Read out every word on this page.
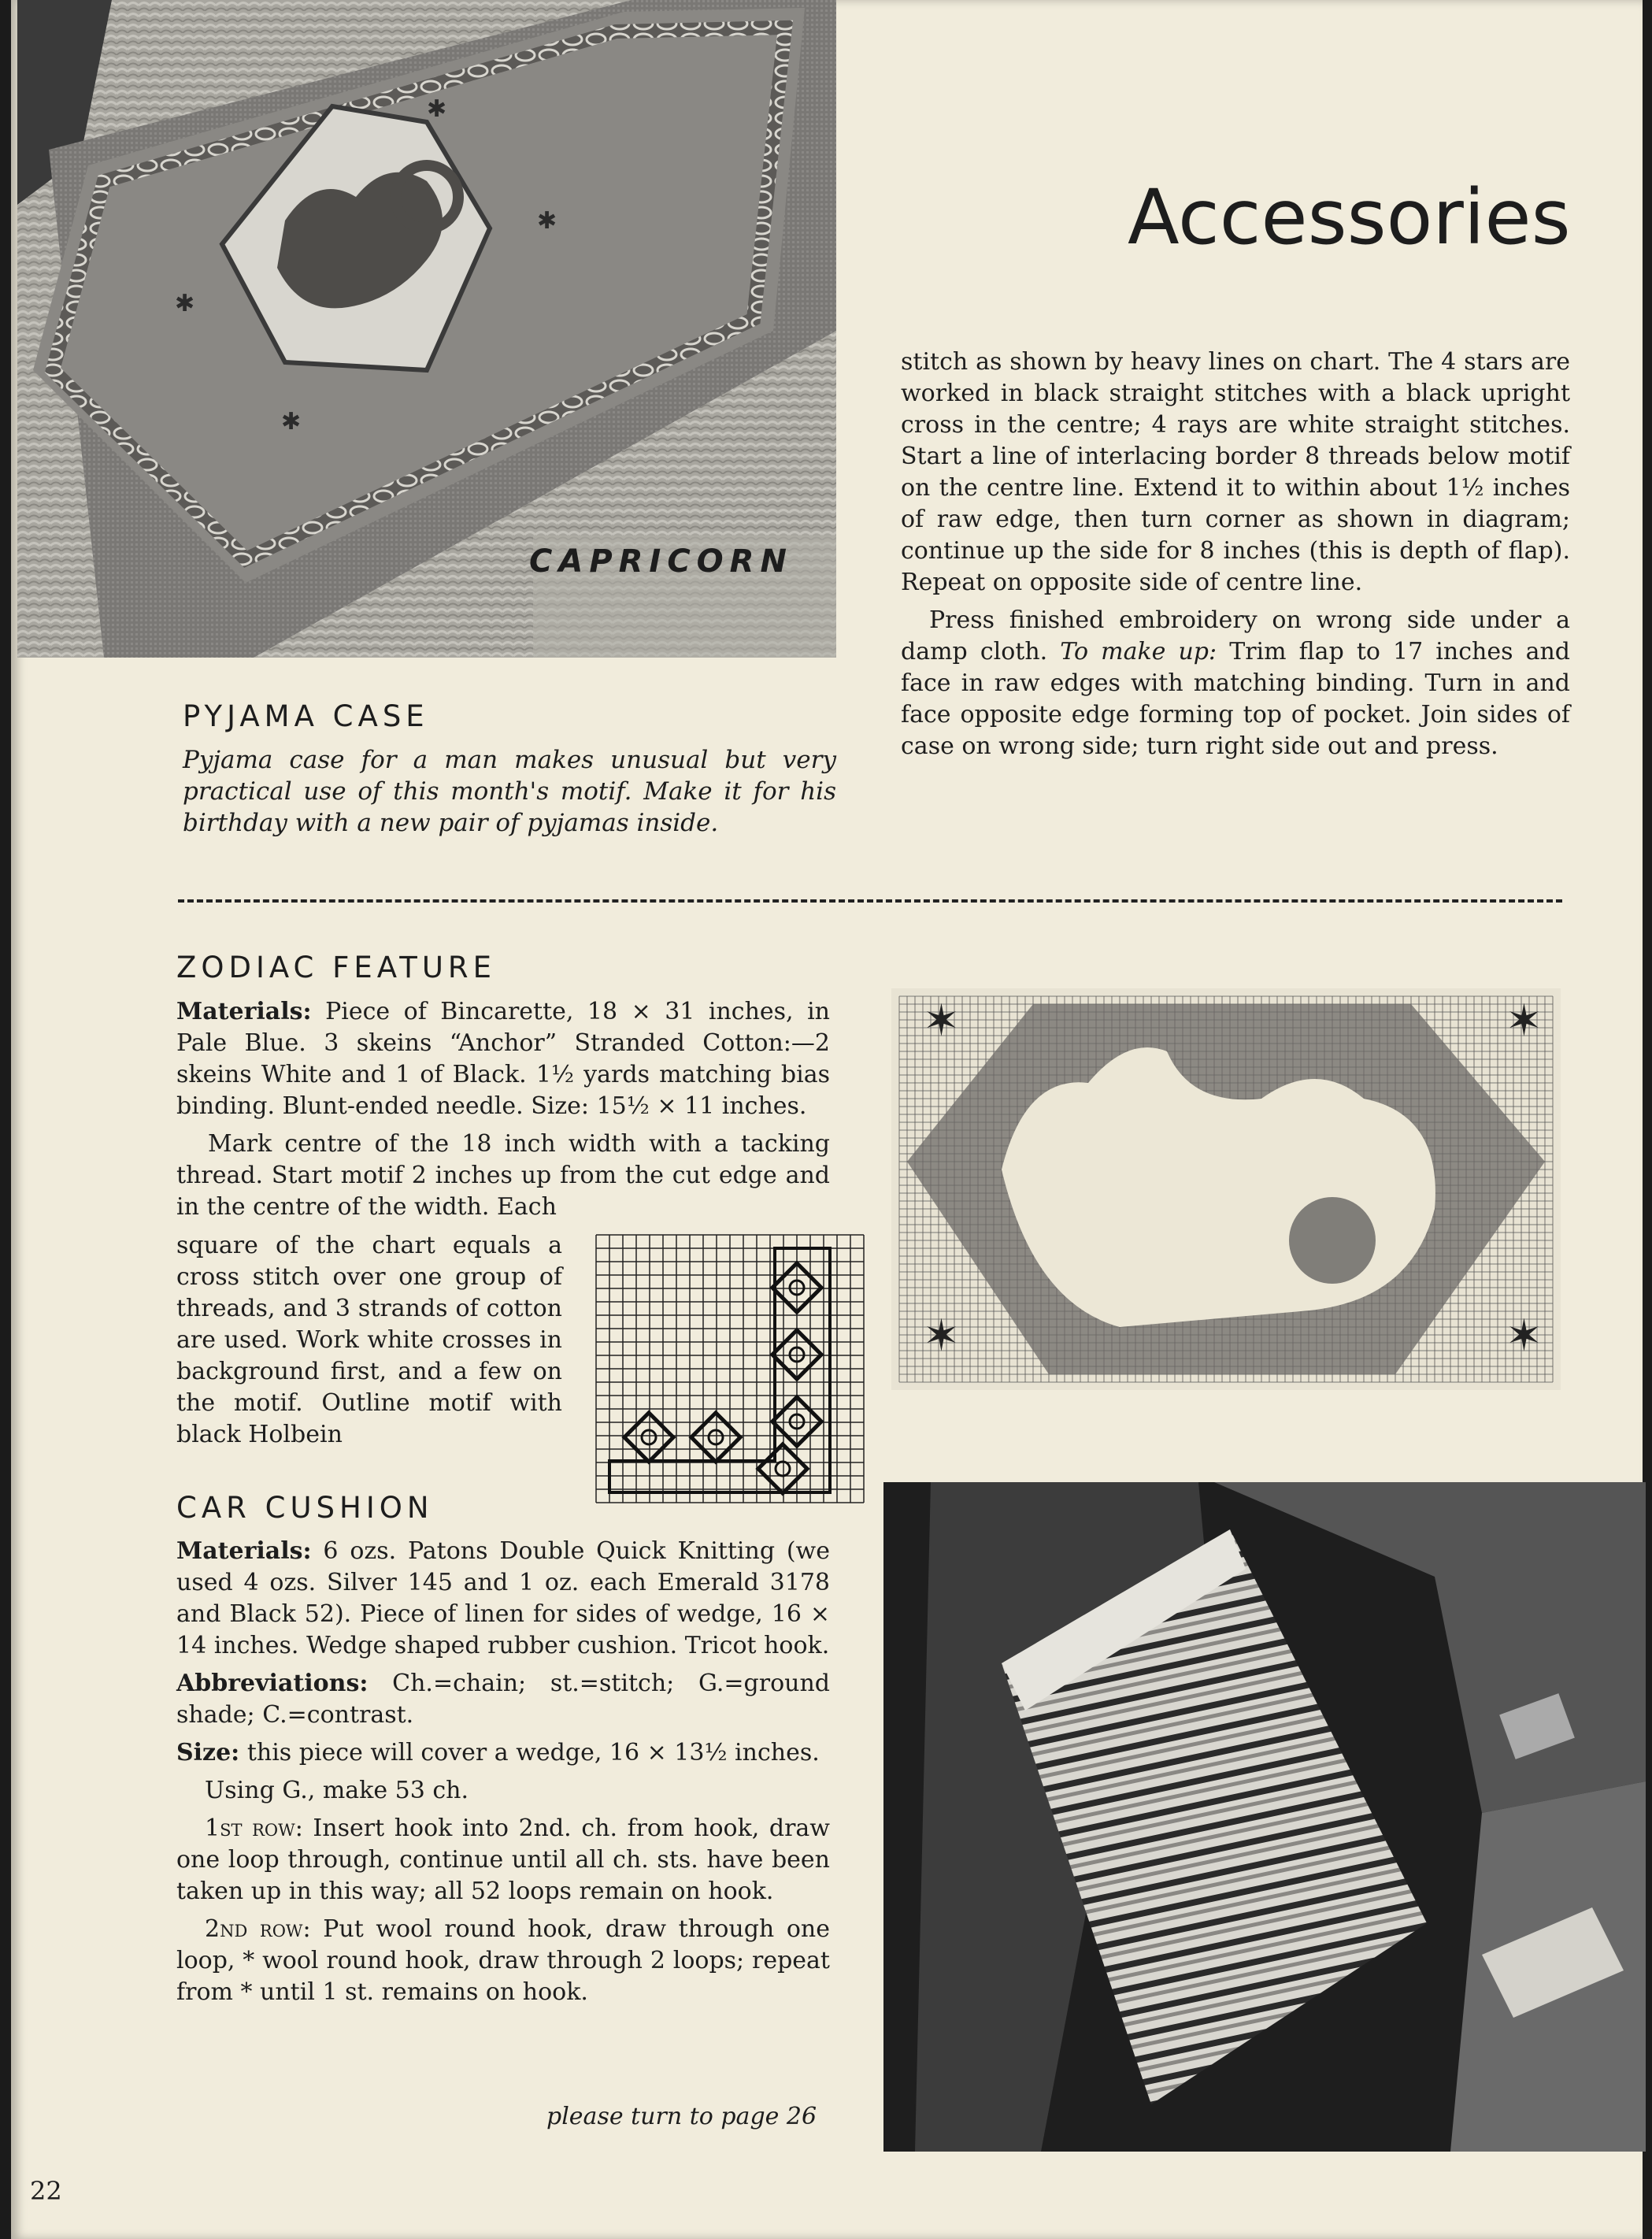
✱
✱
✱
✱
CAPRICORN
Accessories
PYJAMA CASE
Pyjama case for a man makes unusual but very practical use of this month's motif. Make it for his birthday with a new pair of pyjamas inside.

stitch as shown by heavy lines on chart. The 4 stars are worked in black straight stitches with a black upright cross in the centre; 4 rays are white straight stitches. Start a line of interlacing border 8 threads below motif on the centre line. Extend it to within about 1½ inches of raw edge, then turn corner as shown in diagram; continue up the side for 8 inches (this is depth of flap). Repeat on opposite side of centre line.

Press finished embroidery on wrong side under a damp cloth. To make up: Trim flap to 17 inches and face in raw edges with matching binding. Turn in and face opposite edge forming top of pocket. Join sides of case on wrong side; turn right side out and press.

ZODIAC FEATURE

Materials: Piece of Bincarette, 18 × 31 inches, in Pale Blue. 3 skeins “Anchor” Stranded Cotton:—2 skeins White and 1 of Black. 1½ yards matching bias binding. Blunt-ended needle. Size: 15½ × 11 inches.

Mark centre of the 18 inch width with a tacking thread. Start motif 2 inches up from the cut edge and in the centre of the width. Each

square of the chart equals a cross stitch over one group of threads, and 3 strands of cotton are used. Work white crosses in background first, and a few on the motif. Outline motif with black Holbein
✶	✶
✶	✶
CAR CUSHION

Materials: 6 ozs. Patons Double Quick Knitting (we used 4 ozs. Silver 145 and 1 oz. each Emerald 3178 and Black 52). Piece of linen for sides of wedge, 16 × 14 inches. Wedge shaped rubber cushion. Tricot hook.

Abbreviations: Ch.=chain; st.=stitch; G.=ground shade; C.=contrast.

Size: this piece will cover a wedge, 16 × 13½ inches.

Using G., make 53 ch.

1st row: Insert hook into 2nd. ch. from hook, draw one loop through, continue until all ch. sts. have been taken up in this way; all 52 loops remain on hook.

2nd row: Put wool round hook, draw through one loop, * wool round hook, draw through 2 loops; repeat from * until 1 st. remains on hook.

please turn to page 26
22
